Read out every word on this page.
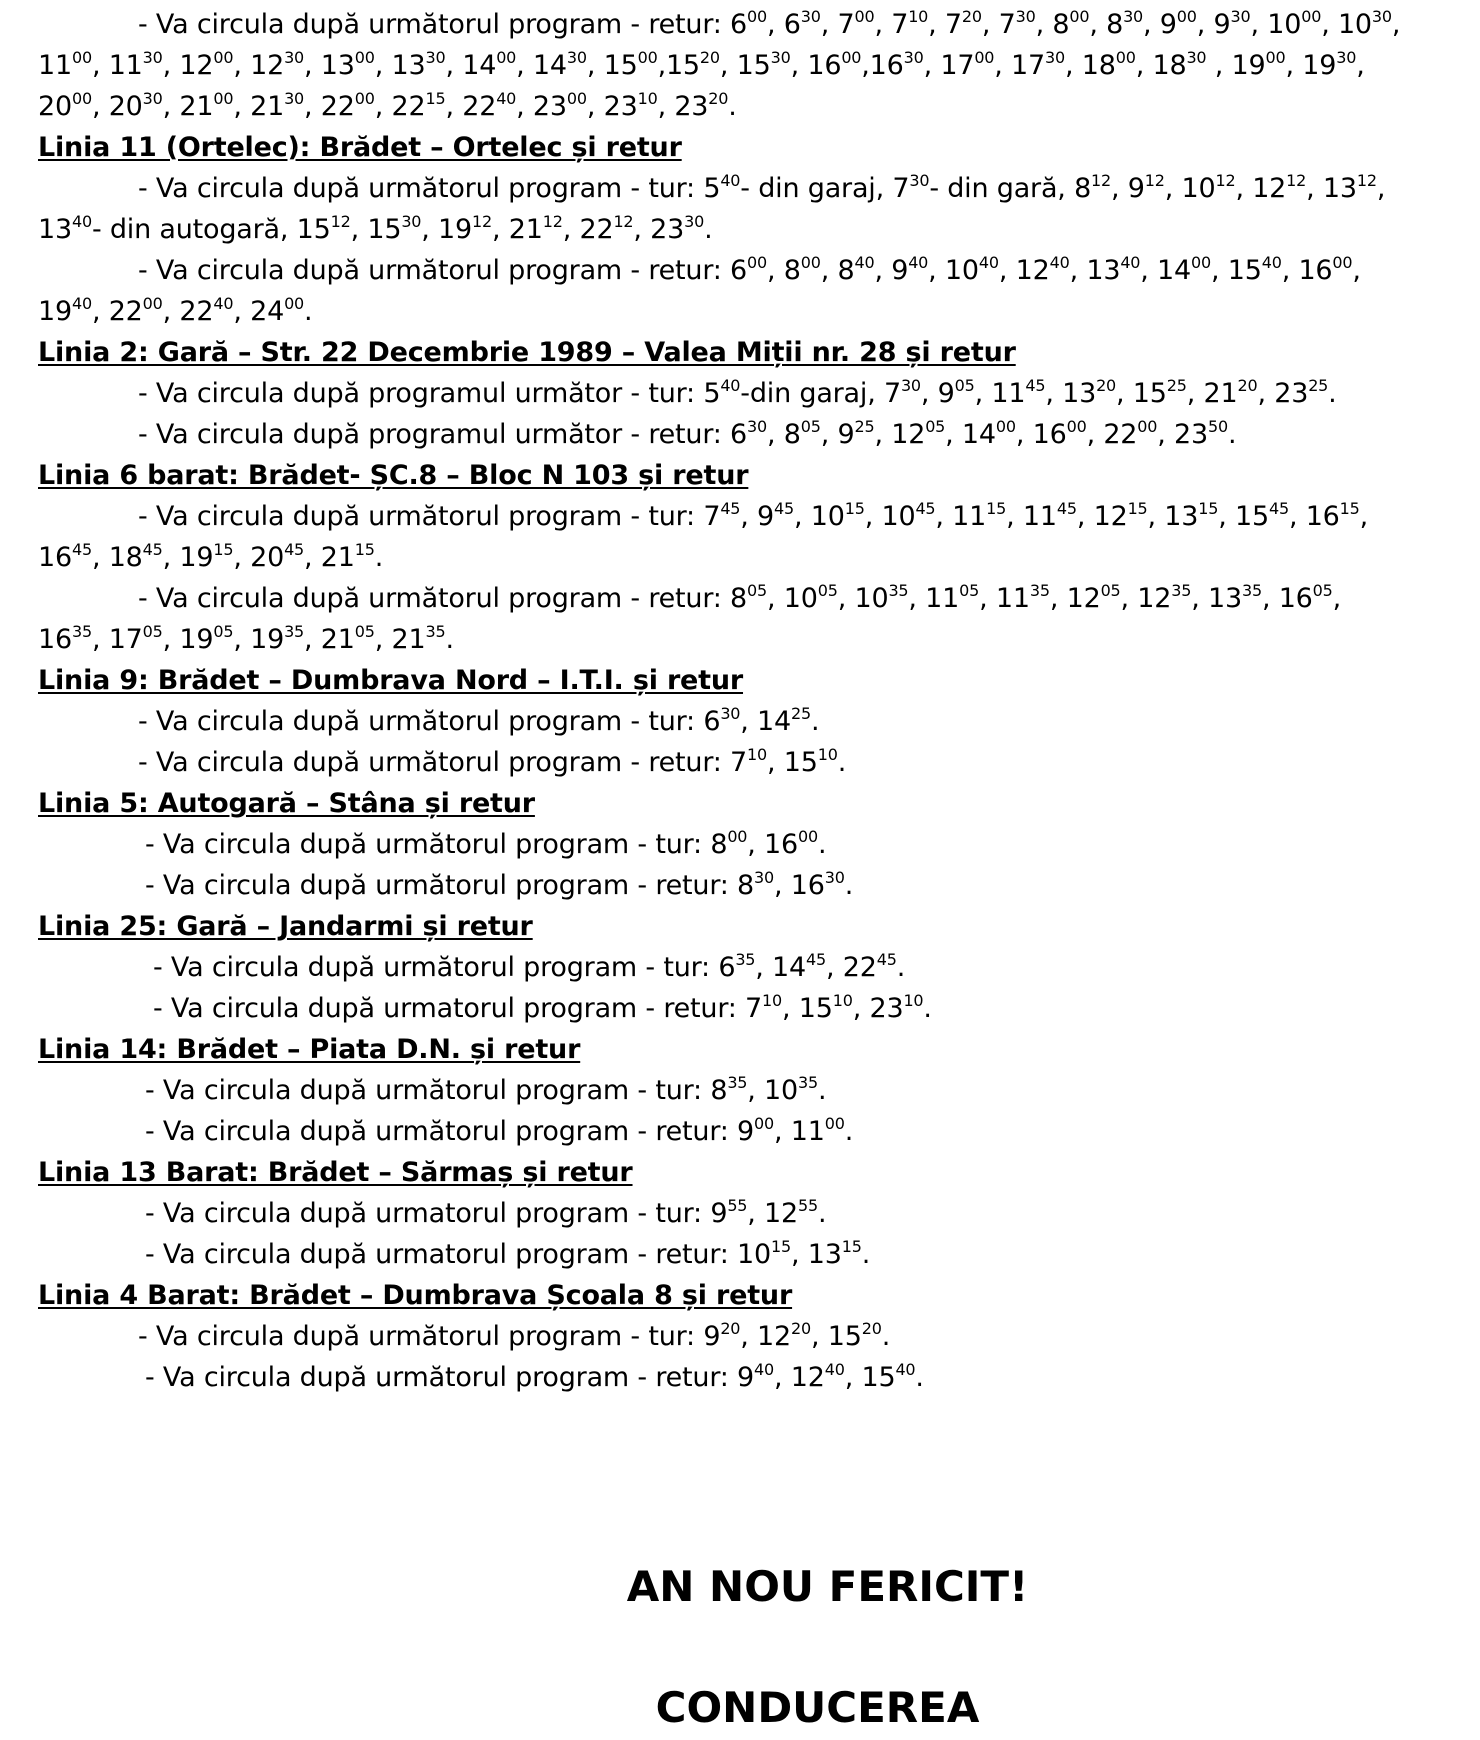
- Va circula după următorul program - retur: $6^{00}$, $6^{30}$, $7^{00}$, $7^{10}$, $7^{20}$, $7^{30}$, $8^{00}$, $8^{30}$, $9^{00}$, $9^{30}$, $10^{00}$, $10^{30}$,
$11^{00}$, $11^{30}$, $12^{00}$, $12^{30}$, $13^{00}$, $13^{30}$, $14^{00}$, $14^{30}$, $15^{00},15^{20}$, $15^{30}$, $16^{00},16^{30}$, $17^{00}$, $17^{30}$, $18^{00}$, $18^{30}$ , $19^{00}$, $19^{30}$,
$20^{00}$, $20^{30}$, $21^{00}$, $21^{30}$, $22^{00}$, $22^{15}$, $22^{40}$, $23^{00}$, $23^{10}$, $23^{20}$.
Linia 11 (Ortelec): Brădet – Ortelec și retur
- Va circula după următorul program - tur: $5^{40}-$ din garaj, $7^{30}-$ din gară, $8^{12}$, $9^{12}$, $10^{12}$, $12^{12}$, $13^{12}$,
$13^{40}-$ din autogară, $15^{12}$, $15^{30}$, $19^{12}$, $21^{12}$, $22^{12}$, $23^{30}$.
- Va circula după următorul program - retur: $6^{00}$, $8^{00}$, $8^{40}$, $9^{40}$, $10^{40}$, $12^{40}$, $13^{40}$, $14^{00}$, $15^{40}$, $16^{00}$,
$19^{40}$, $22^{00}$, $22^{40}$, $24^{00}$.
Linia 2: Gară – Str. 22 Decembrie 1989 – Valea Miții nr. 28 și retur
- Va circula după programul următor - tur: $5^{40}$-din garaj, $7^{30}$, $9^{05}$, $11^{45}$, $13^{20}$, $15^{25}$, $21^{20}$, $23^{25}$.
- Va circula după programul următor - retur: $6^{30}$, $8^{05}$, $9^{25}$, $12^{05}$, $14^{00}$, $16^{00}$, $22^{00}$, $23^{50}$.
Linia 6 barat: Brădet- ȘC.8 – Bloc N 103 și retur
- Va circula după următorul program - tur: $7^{45}$, $9^{45}$, $10^{15}$, $10^{45}$, $11^{15}$, $11^{45}$, $12^{15}$, $13^{15}$, $15^{45}$, $16^{15}$,
$16^{45}$, $18^{45}$, $19^{15}$, $20^{45}$, $21^{15}$.
- Va circula după următorul program - retur: $8^{05}$, $10^{05}$, $10^{35}$, $11^{05}$, $11^{35}$, $12^{05}$, $12^{35}$, $13^{35}$, $16^{05}$,
$16^{35}$, $17^{05}$, $19^{05}$, $19^{35}$, $21^{05}$, $21^{35}$.
Linia 9: Brădet – Dumbrava Nord – I.T.I. și retur
- Va circula după următorul program - tur: $6^{30}$, $14^{25}$.
- Va circula după următorul program - retur: $7^{10}$, $15^{10}$.
Linia 5: Autogară – Stâna și retur
- Va circula după următorul program - tur: $8^{00}$, $16^{00}$.
- Va circula după următorul program - retur: $8^{30}$, $16^{30}$.
Linia 25: Gară – Jandarmi și retur
- Va circula după următorul program - tur: $6^{35}$, $14^{45}$, $22^{45}$.
- Va circula după urmatorul program - retur: $7^{10}$, $15^{10}$, $23^{10}$.
Linia 14: Brădet – Piata D.N. și retur
- Va circula după următorul program - tur: $8^{35}$, $10^{35}$.
- Va circula după următorul program - retur: $9^{00}$, $11^{00}$.
Linia 13 Barat: Brădet – Sărmaș și retur
- Va circula după urmatorul program - tur: $9^{55}$, $12^{55}$.
- Va circula după urmatorul program - retur: $10^{15}$, $13^{15}$.
Linia 4 Barat: Brădet – Dumbrava Școala 8 și retur
- Va circula după următorul program - tur: $9^{20}$, $12^{20}$, $15^{20}$.
- Va circula după următorul program - retur: $9^{40}$, $12^{40}$, $15^{40}$.
AN NOU FERICIT!
CONDUCEREA
